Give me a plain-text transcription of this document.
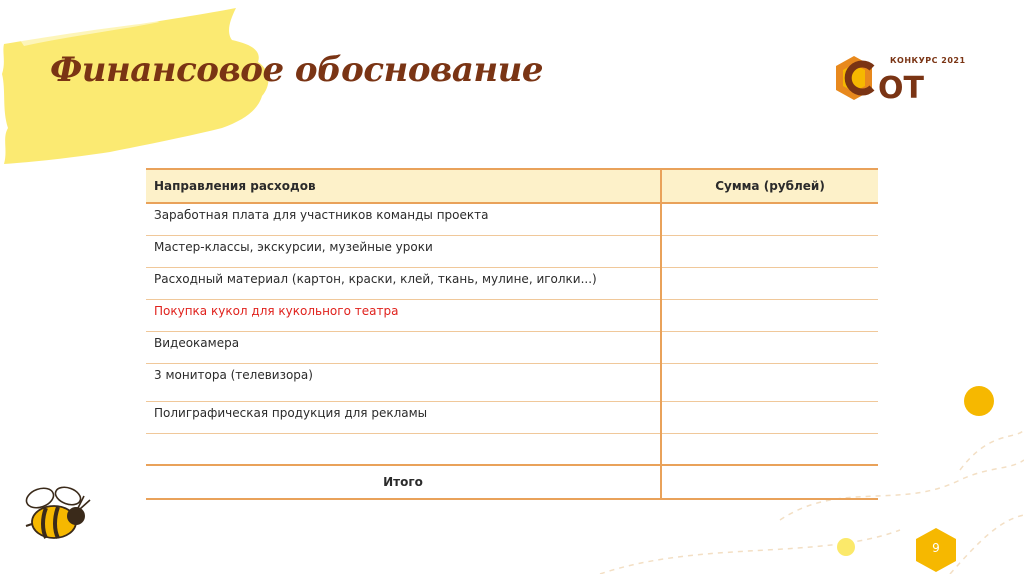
Финансовое обоснование	ОТ
КОНКУРС 2021
Направления расходов	Сумма (рублей)
Заработная плата для участников команды проекта	
Мастер-классы, экскурсии, музейные уроки	
Расходный материал (картон, краски, клей, ткань, мулине, иголки...)	
Покупка кукол для кукольного театра	
Видеокамера	
3 монитора (телевизора)	
Полиграфическая продукция для рекламы	

Итого	
9
